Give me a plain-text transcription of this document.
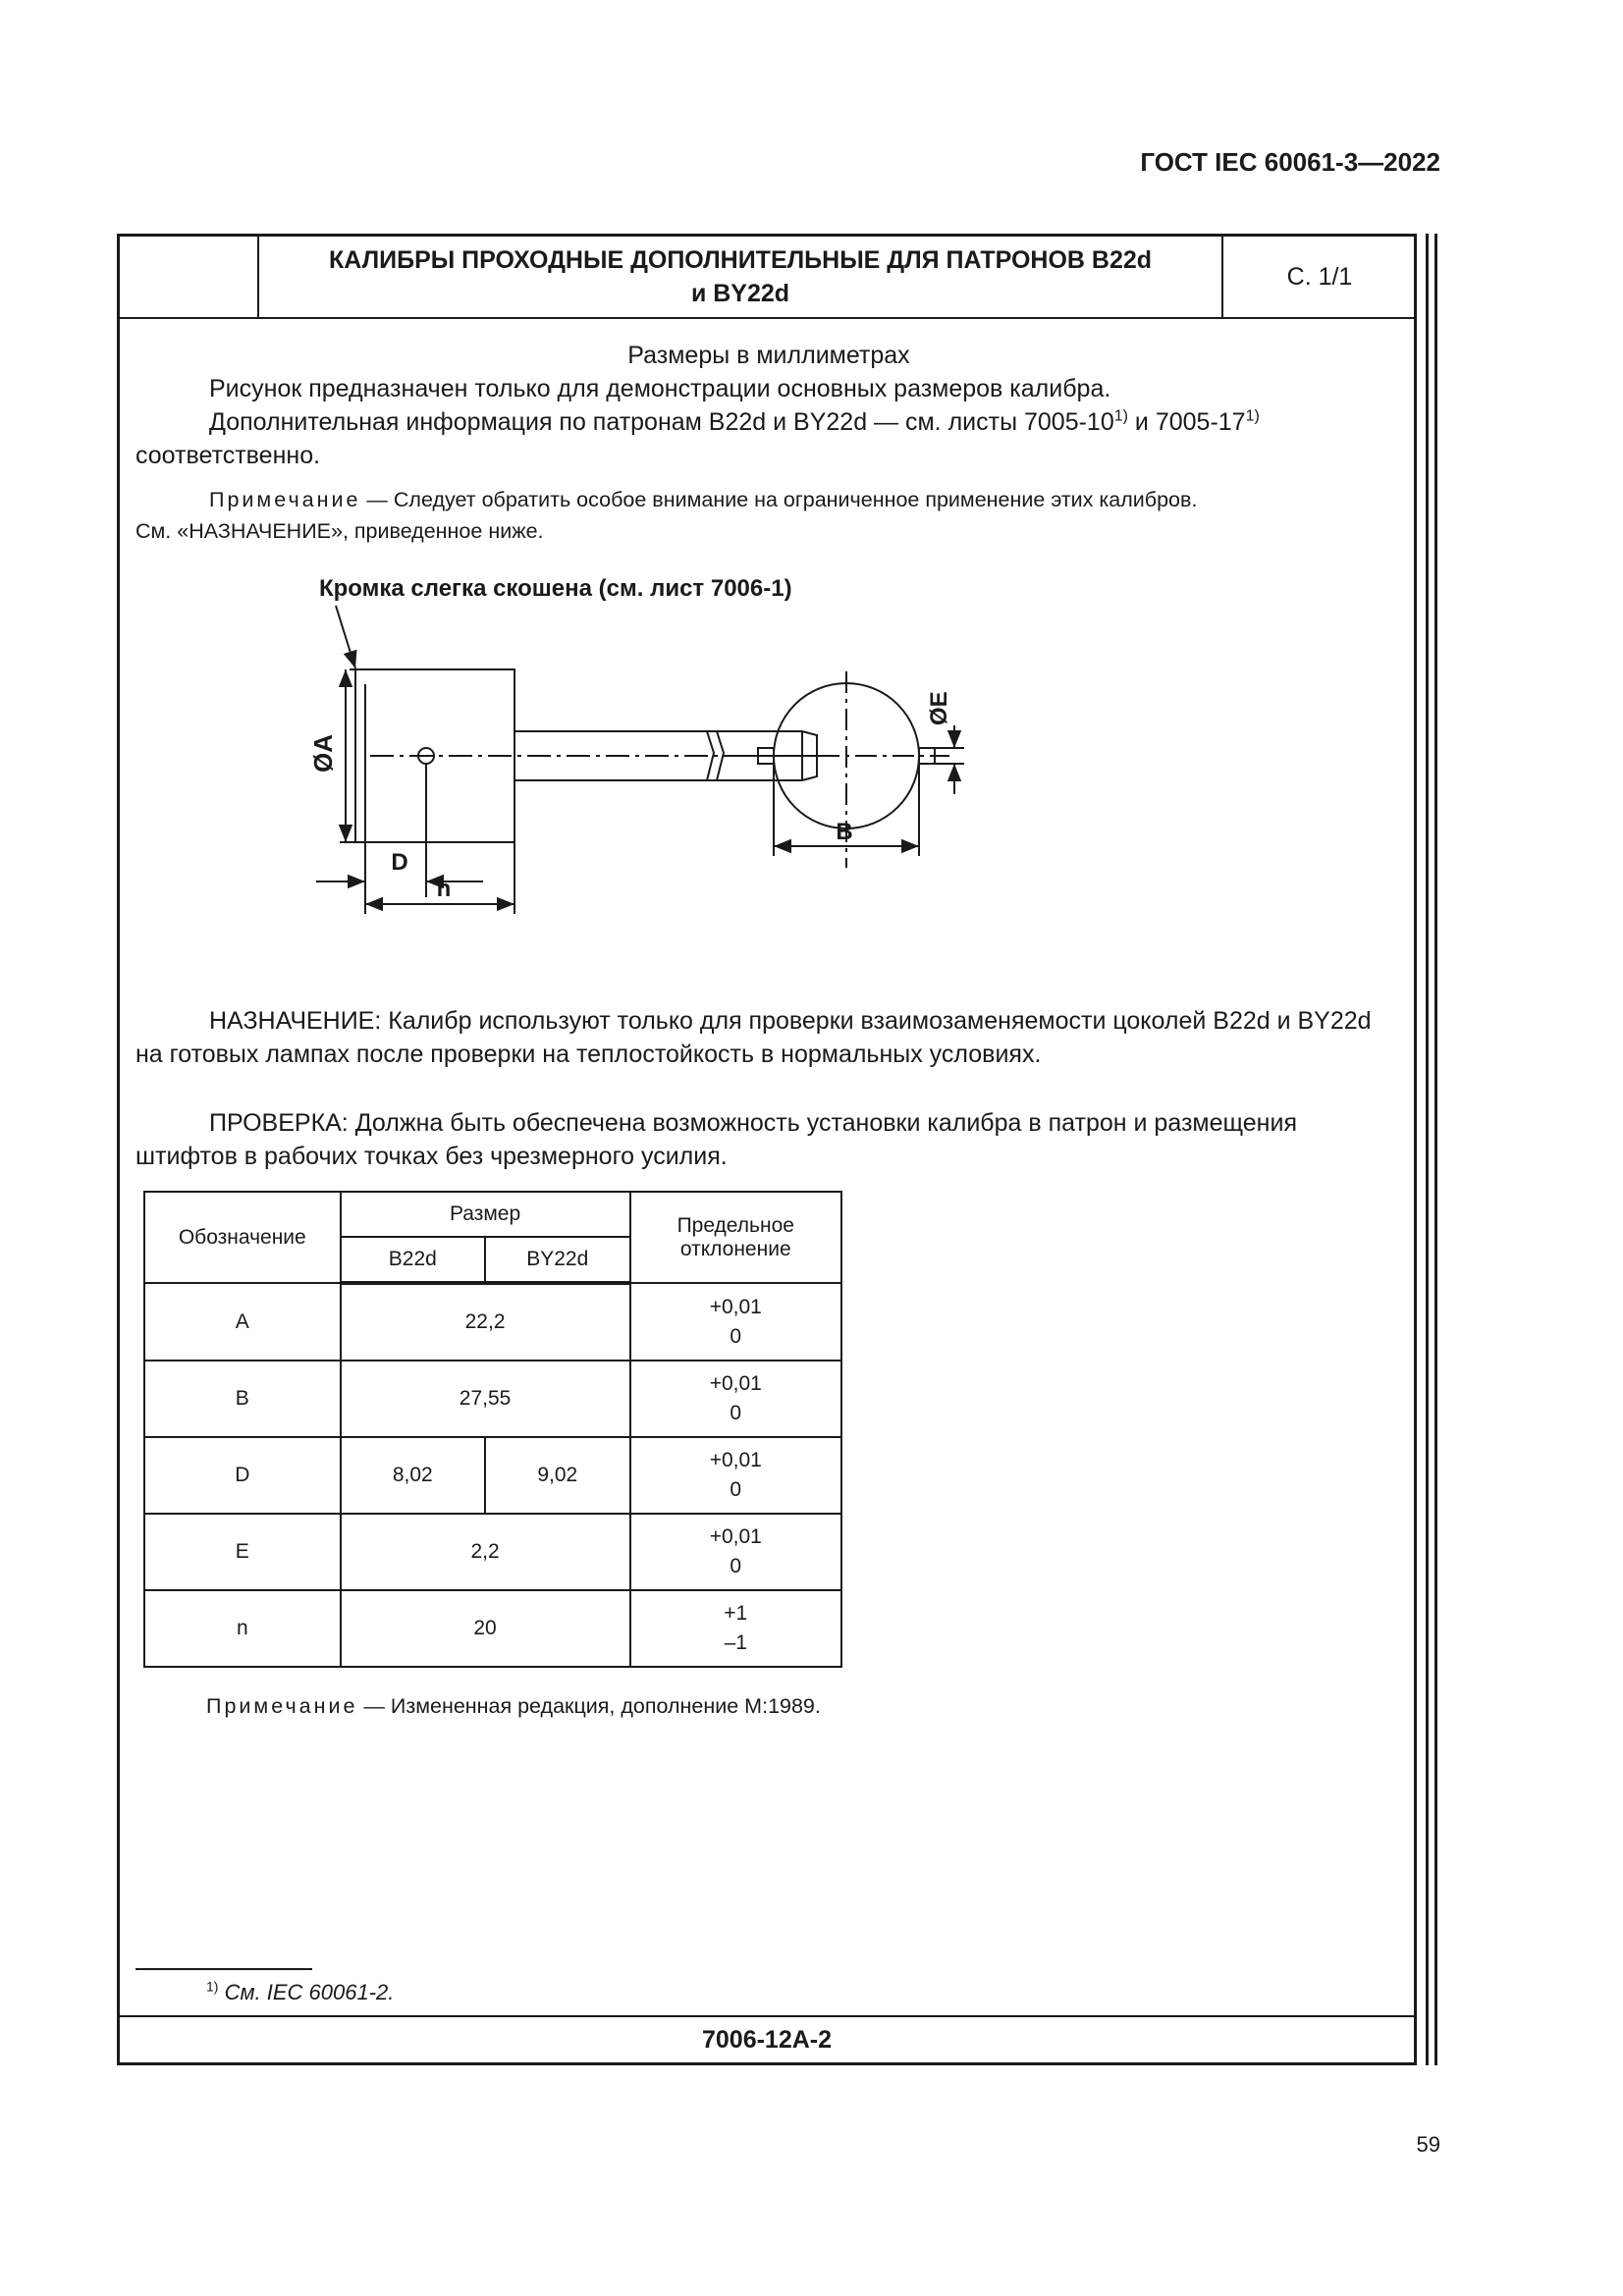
ГОСТ IEC 60061-3—2022
КАЛИБРЫ ПРОХОДНЫЕ ДОПОЛНИТЕЛЬНЫЕ ДЛЯ ПАТРОНОВ B22d
и BY22d
С. 1/1
Размеры в миллиметрах

Рисунок предназначен только для демонстрации основных размеров калибра.

Дополнительная информация по патронам B22d и BY22d — см. листы 7005-10$^{1)}$ и 7005-17$^{1)}$

соответственно.
Примечание — Следует обратить особое внимание на ограниченное применение этих калибров.
См. «НАЗНАЧЕНИЕ», приведенное ниже.
Кромка слегка скошена (см. лист 7006-1)
ØA
D
n
B
ØE

НАЗНАЧЕНИЕ: Калибр используют только для проверки взаимозаменяемости цоколей B22d и BY22d на готовых лампах после проверки на теплостойкость в нормальных условиях.

ПРОВЕРКА: Должна быть обеспечена возможность установки калибра в патрон и размещения штифтов в рабочих точках без чрезмерного усилия.

Обозначение	Размер		Предельное
отклонение

	B22d	BY22d	
A	22,2		+0,01
0

B	27,55		+0,01
0

D	8,02	9,02	+0,01
0

E	2,2		+0,01
0

n	20		+1
–1
Примечание — Измененная редакция, дополнение М:1989.
$^{1)}$ См. IEC 60061-2.
7006-12А-2
59
